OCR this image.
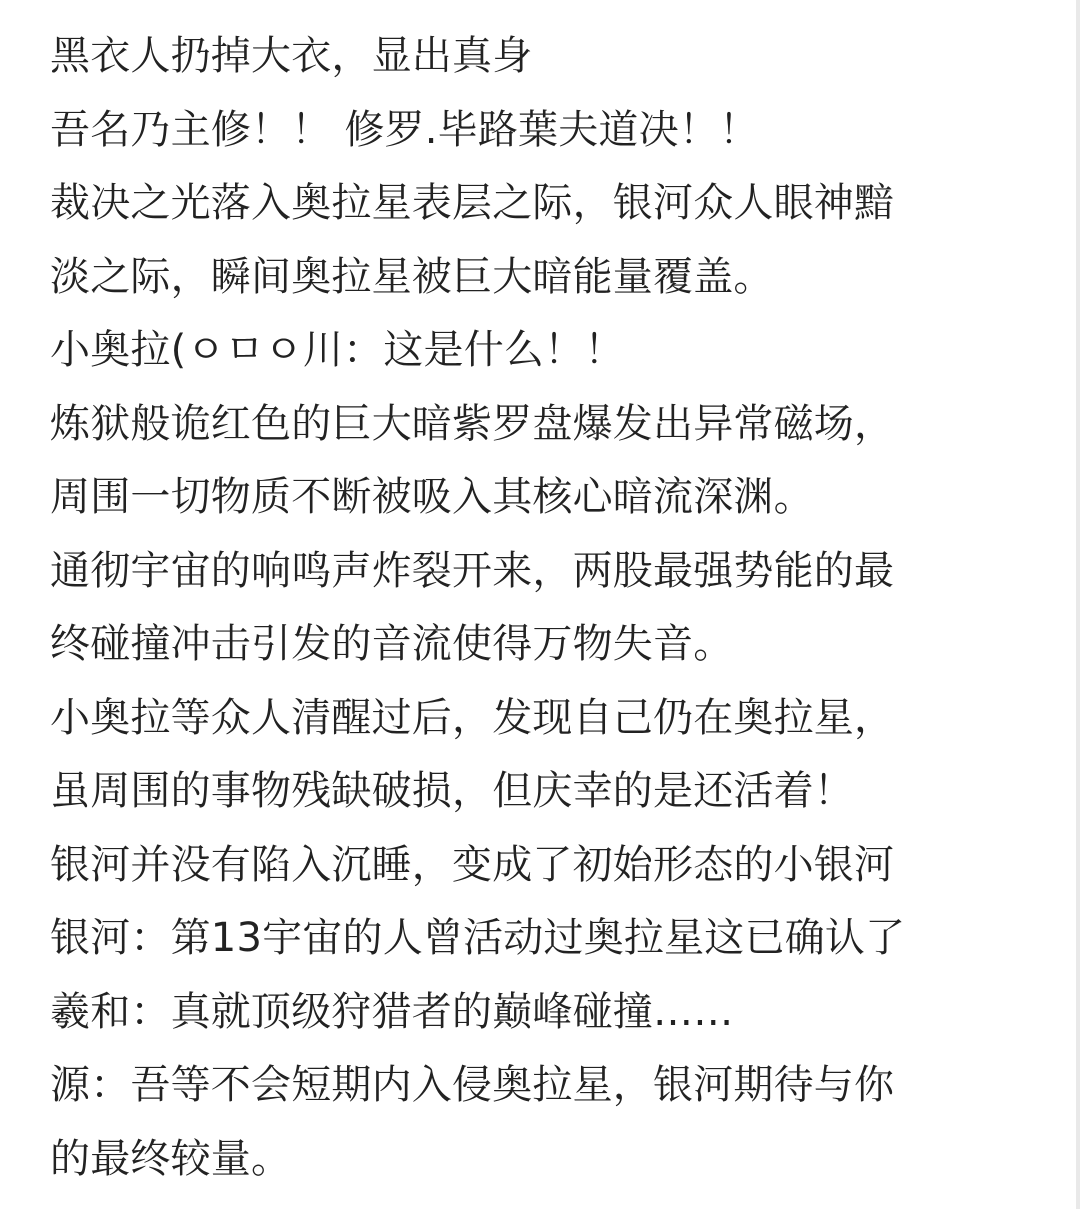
黑衣人扔掉大衣，显出真身
吾名乃主修！！ 修罗.毕路葉夫道决！！
裁决之光落入奥拉星表层之际，银河众人眼神黯
淡之际，瞬间奥拉星被巨大暗能量覆盖。
小奥拉(ㅇㅁㅇ川：这是什么！！
炼狱般诡红色的巨大暗紫罗盘爆发出异常磁场，
周围一切物质不断被吸入其核心暗流深渊。
通彻宇宙的响鸣声炸裂开来，两股最强势能的最
终碰撞冲击引发的音流使得万物失音。
小奥拉等众人清醒过后，发现自己仍在奥拉星，
虽周围的事物残缺破损，但庆幸的是还活着！
银河并没有陷入沉睡，变成了初始形态的小银河
银河：第13宇宙的人曾活动过奥拉星这已确认了
羲和：真就顶级狩猎者的巅峰碰撞……
源：吾等不会短期内入侵奥拉星，银河期待与你
的最终较量。
